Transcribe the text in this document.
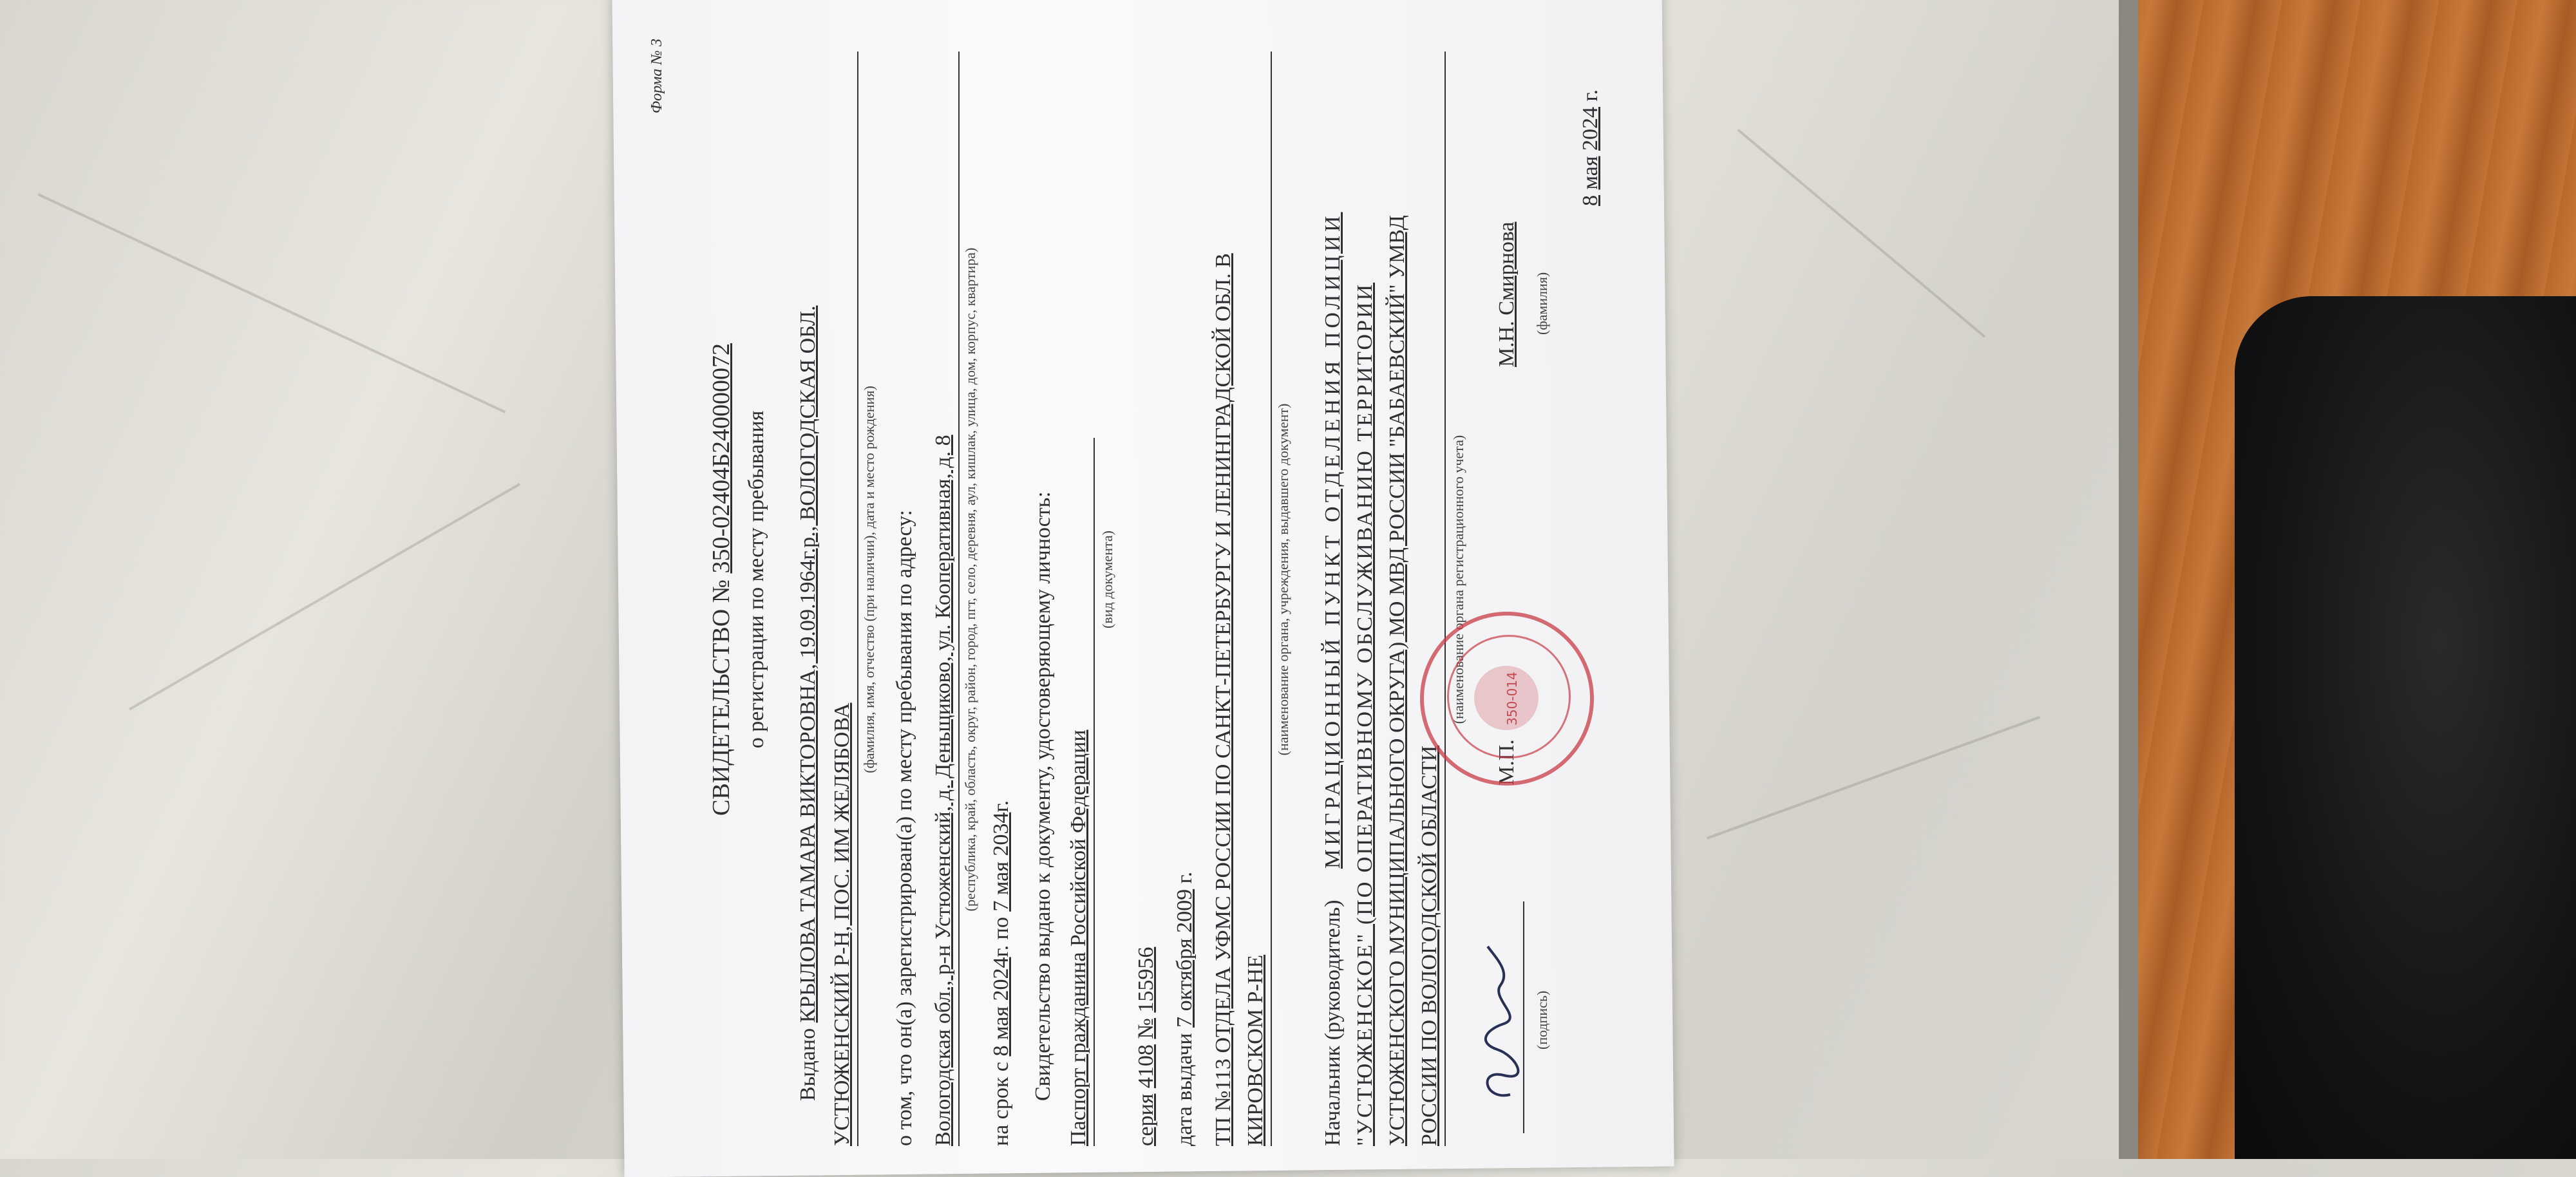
Форма № 3
СВИДЕТЕЛЬСТВО № 350-02404Б240000072 о регистрации по месту пребывания
Выдано КРЫЛОВА ТАМАРА ВИКТОРОВНА, 19.09.1964г.р., ВОЛОГОДСКАЯ ОБЛ. УСТЮЖЕНСКИЙ Р-Н, ПОС. ИМ ЖЕЛЯБОВА
(фамилия, имя, отчество (при наличии), дата и место рождения) о том, что он(а) зарегистрирован(а) по месту пребывания по адресу: Вологодская обл., р-н Устюженский, д. Деньщиково, ул. Кооперативная, д. 8 (республика, край, область, округ, район, город, пгт, село, деревня, аул, кишлак, улица, дом, корпус, квартира)
на срок с 8 мая 2024г. по 7 мая 2034г. Свидетельство выдано к документу, удостоверяющему личность: Паспорт гражданина Российской Федерации
(вид документа)
серия 4108 № 155956
дата выдачи 7 октября 2009 г. ТП №113 ОТДЕЛА УФМС РОССИИ ПО САНКТ-ПЕТЕРБУРГУ И ЛЕНИНГРАДСКОЙ ОБЛ. В КИРОВСКОМ Р-НЕ
(наименование органа, учреждения, выдавшего документ)
Начальник (руководитель) МИГРАЦИОННЫЙ ПУНКТ ОТДЕЛЕНИЯ ПОЛИЦИИ "УСТЮЖЕНСКОЕ" (ПО ОПЕРАТИВНОМУ ОБСЛУЖИВАНИЮ ТЕРРИТОРИИ УСТЮЖЕНСКОГО МУНИЦИПАЛЬНОГО ОКРУГА) МО МВД РОССИИ "БАБАЕВСКИЙ" УМВД РОССИИ ПО ВОЛОГОДСКОЙ ОБЛАСТИ
(наименование органа регистрационного учета)
(подпись)
М.П.
350-014
М.Н. Смирнова	(фамилия)
8 мая 2024 г.
